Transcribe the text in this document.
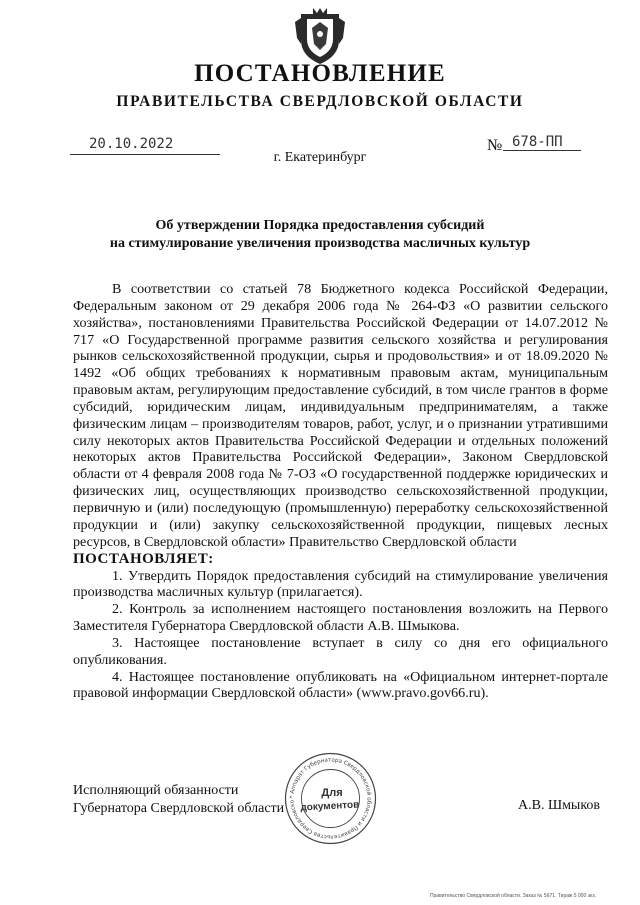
ПОСТАНОВЛЕНИЕ
ПРАВИТЕЛЬСТВА СВЕРДЛОВСКОЙ ОБЛАСТИ
20.10.2022	№ 678-ПП
г. Екатеринбург
Об утверждении Порядка предоставления субсидий
на стимулирование увеличения производства масличных культур

В соответствии со статьей 78 Бюджетного кодекса Российской Федерации, Федеральным законом от 29 декабря 2006 года № 264-ФЗ «О развитии сельского хозяйства», постановлениями Правительства Российской Федерации от 14.07.2012 № 717 «О Государственной программе развития сельского хозяйства и регулирования рынков сельскохозяйственной продукции, сырья и продовольствия» и от 18.09.2020 № 1492 «Об общих требованиях к нормативным правовым актам, муниципальным правовым актам, регулирующим предоставление субсидий, в том числе грантов в форме субсидий, юридическим лицам, индивидуальным предпринимателям, а также физическим лицам – производителям товаров, работ, услуг, и о признании утратившими силу некоторых актов Правительства Российской Федерации и отдельных положений некоторых актов Правительства Российской Федерации», Законом Свердловской области от 4 февраля 2008 года № 7-ОЗ «О государственной поддержке юридических и физических лиц, осуществляющих производство сельскохозяйственной продукции, первичную и (или) последующую (промышленную) переработку сельскохозяйственной продукции и (или) закупку сельскохозяйственной продукции, пищевых лесных ресурсов, в Свердловской области» Правительство Свердловской области

ПОСТАНОВЛЯЕТ:

1. Утвердить Порядок предоставления субсидий на стимулирование увеличения производства масличных культур (прилагается).

2. Контроль за исполнением настоящего постановления возложить на Первого Заместителя Губернатора Свердловской области А.В. Шмыкова.

3. Настоящее постановление вступает в силу со дня его официального опубликования.

4. Настоящее постановление опубликовать на «Официальном интернет-портале правовой информации Свердловской области» (www.pravo.gov66.ru).

Исполняющий обязанности
Губернатора Свердловской области	А.В. Шмыков
* Аппарат Губернатора Свердловской области и Правительства Свердловско
Для
документов
Правительство Свердловской области. Заказ № 5671. Тираж 5 000 экз.
